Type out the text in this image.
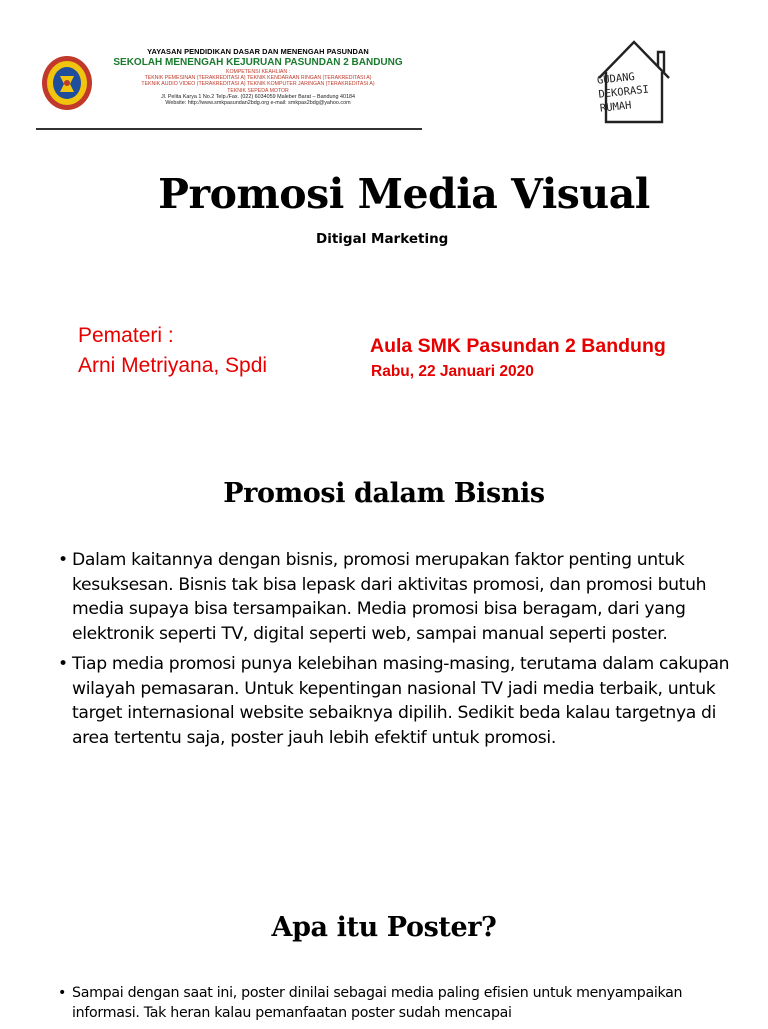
YAYASAN PENDIDIKAN DASAR DAN MENENGAH PASUNDAN
SEKOLAH MENENGAH KEJURUAN PASUNDAN 2 BANDUNG
KOMPETENSI KEAHLIAN :
TEKNIK PEMESINAN (TERAKREDITASI A) TEKNIK KENDARAAN RINGAN (TERAKREDITASI A)
TEKNIK AUDIO VIDEO (TERAKREDITASI A) TEKNIK KOMPUTER JARINGAN (TERAKREDITASI A)
TEKNIK SEPEDA MOTOR
Jl. Pelita Karya 1 No.2 Telp./Fax. (022) 6034059 Maleber Barat – Bandung 40184
Website: http://www.smkpasundan2bdg.org e-mail: smkpas2bdg@yahoo.com
GUDANG
DEKORASI
RUMAH
Promosi Media Visual
Ditigal Marketing
Pemateri :
Arni Metriyana, Spdi
Aula SMK Pasundan 2 Bandung
Rabu, 22 Januari 2020
Promosi dalam Bisnis
• Dalam kaitannya dengan bisnis, promosi merupakan faktor penting untuk kesuksesan. Bisnis tak bisa lepask dari aktivitas promosi, dan promosi butuh media supaya bisa tersampaikan. Media promosi bisa beragam, dari yang elektronik seperti TV, digital seperti web, sampai manual seperti poster.
• Tiap media promosi punya kelebihan masing-masing, terutama dalam cakupan wilayah pemasaran. Untuk kepentingan nasional TV jadi media terbaik, untuk target internasional website sebaiknya dipilih. Sedikit beda kalau targetnya di area tertentu saja, poster jauh lebih efektif untuk promosi.
Apa itu Poster?
• Sampai dengan saat ini, poster dinilai sebagai media paling efisien untuk menyampaikan informasi. Tak heran kalau pemanfaatan poster sudah mencapai
